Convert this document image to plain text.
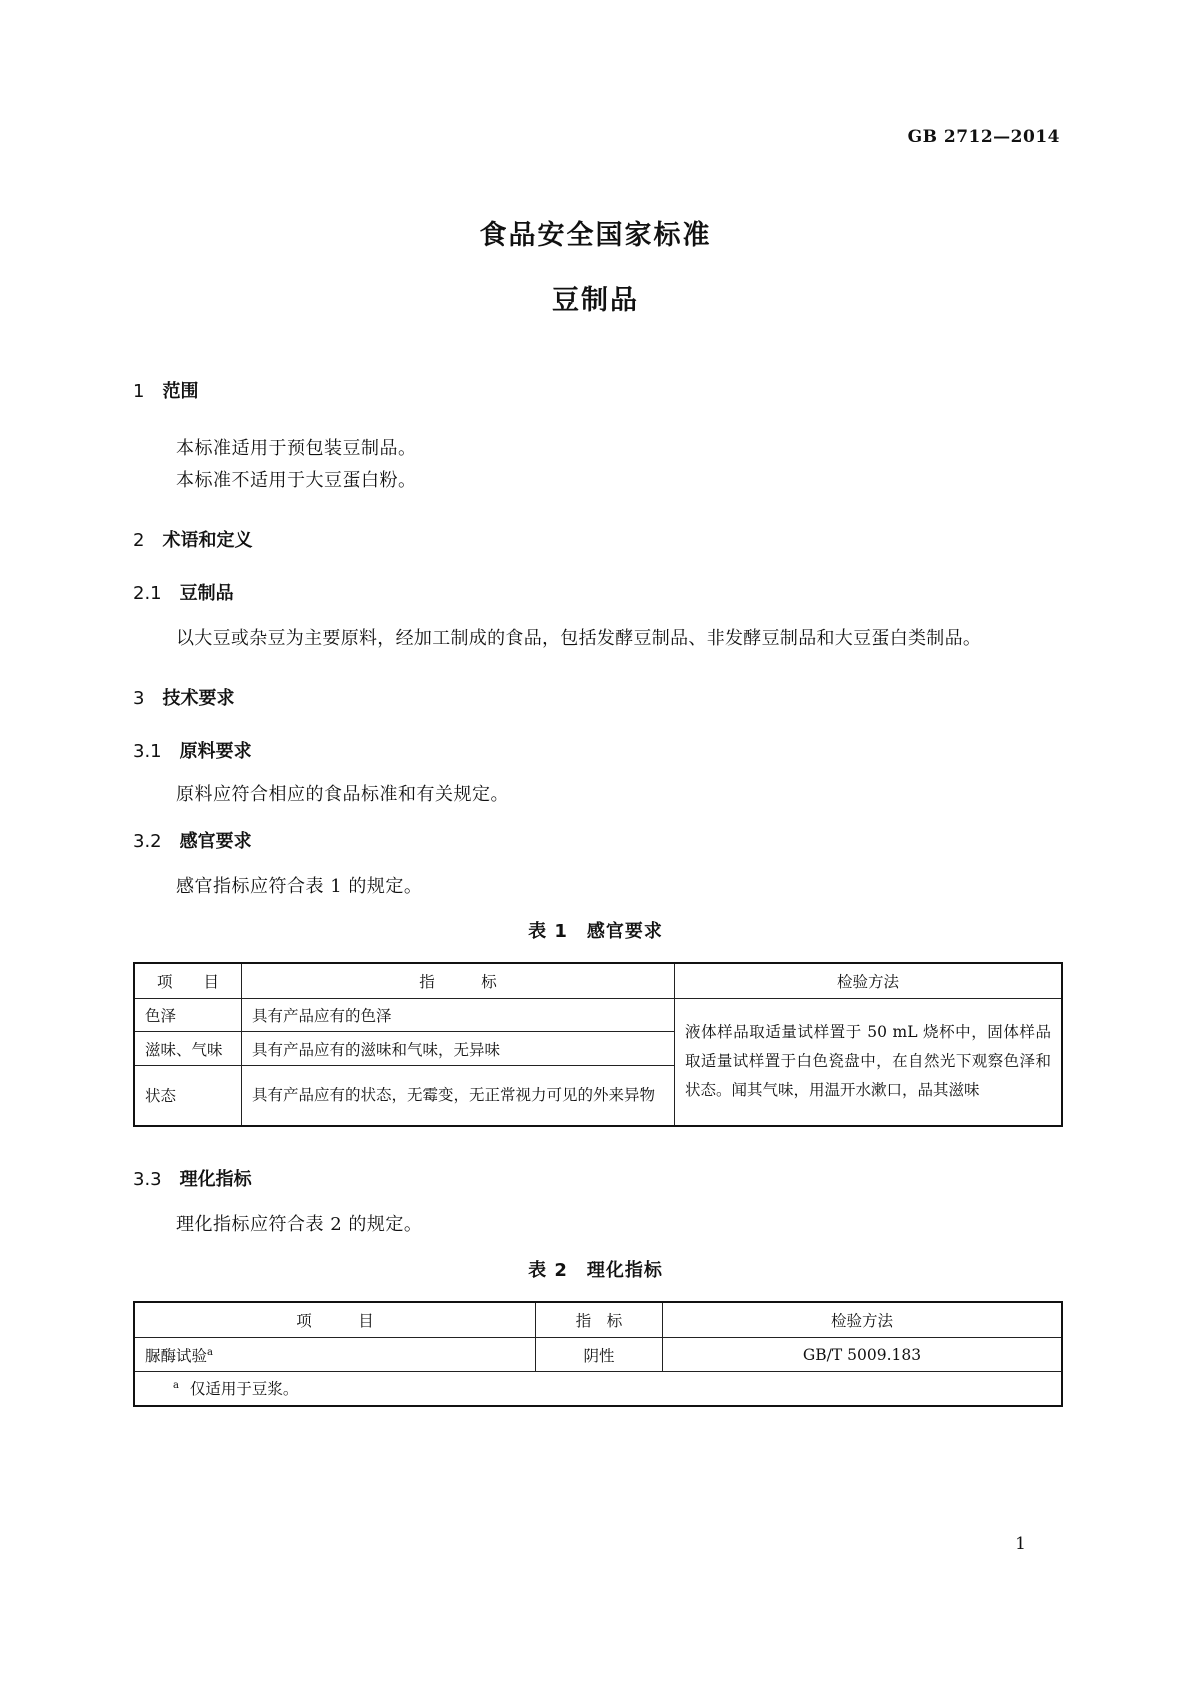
GB 2712—2014
食品安全国家标准
豆制品
1 范围
本标准适用于预包装豆制品。
本标准不适用于大豆蛋白粉。
2 术语和定义
2.1 豆制品
以大豆或杂豆为主要原料，经加工制成的食品，包括发酵豆制品、非发酵豆制品和大豆蛋白类制品。
3 技术要求
3.1 原料要求
原料应符合相应的食品标准和有关规定。
3.2 感官要求
感官指标应符合表 1 的规定。
表 1　感官要求
项　　目	指　　　标	检验方法
色泽	具有产品应有的色泽	液体样品取适量试样置于 50 mL 烧杯中，固体样品取适量试样置于白色瓷盘中，在自然光下观察色泽和状态。闻其气味，用温开水漱口，品其滋味
滋味、气味	具有产品应有的滋味和气味，无异味	
状态	具有产品应有的状态，无霉变，无正常视力可见的外来异物	
3.3 理化指标
理化指标应符合表 2 的规定。
表 2　理化指标
项　　　目	指　标	检验方法
脲酶试验$^a$	阴性	GB/T 5009.183
$^a$ 仅适用于豆浆。		
1
